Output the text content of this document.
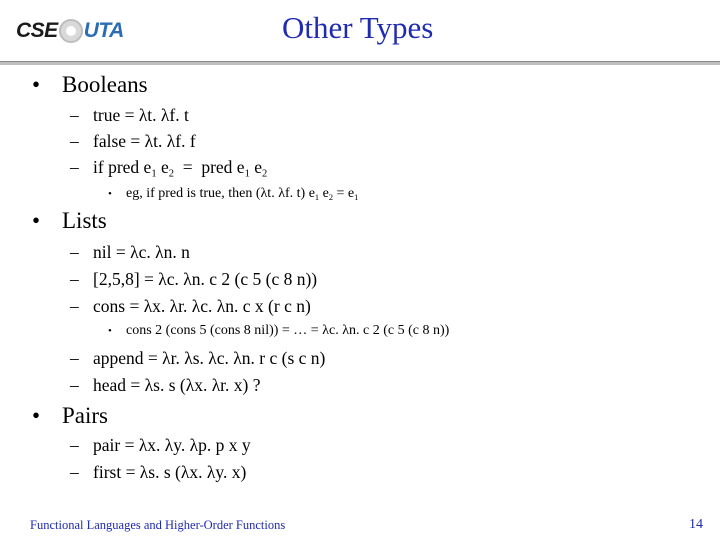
CSE UTA	Other Types
• Booleans
– true = λt. λf. t
– false = λt. λf. f
– if pred $e_1$ $e_2$  =  pred $e_1$ $e_2$
• eg, if pred is true, then (λt. λf. t) $e_1$ $e_2 = e_1$
• Lists
– nil = λc. λn. n
– [2,5,8] = λc. λn. c 2 (c 5 (c 8 n))
– cons = λx. λr. λc. λn. c x (r c n)
• cons 2 (cons 5 (cons 8 nil)) = … = λc. λn. c 2 (c 5 (c 8 n))
– append = λr. λs. λc. λn. r c (s c n)
– head = λs. s (λx. λr. x) ?
• Pairs
– pair = λx. λy. λp. p x y
– first = λs. s (λx. λy. x)
Functional Languages and Higher-Order Functions	14
